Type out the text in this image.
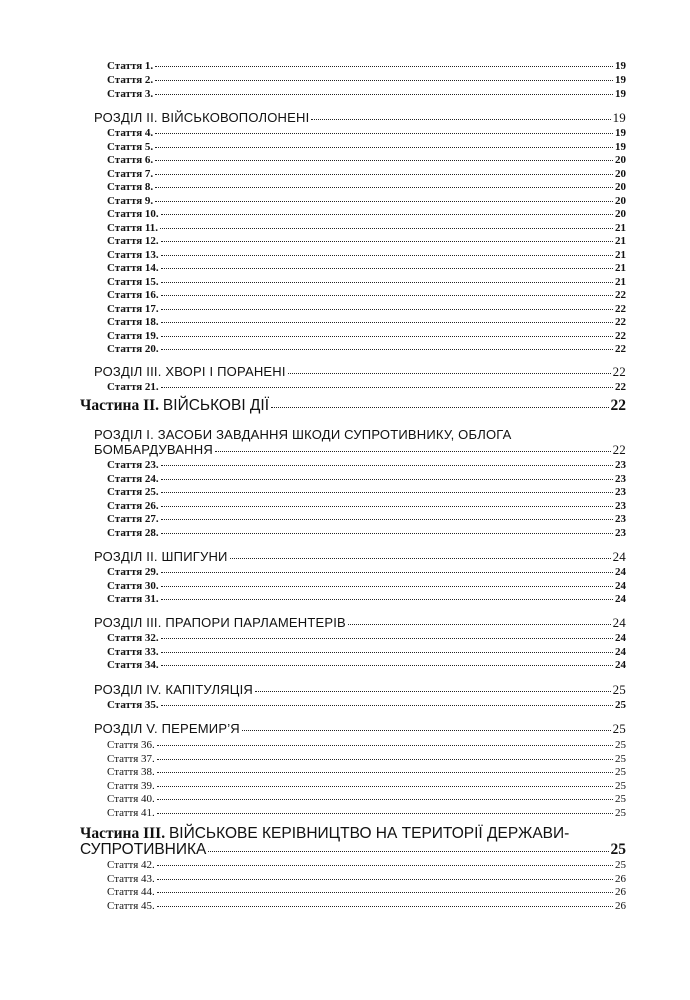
Стаття 1.	19
Стаття 2.	19
Стаття 3.	19
РОЗДІЛ II. ВІЙСЬКОВОПОЛОНЕНІ	19
Стаття 4.	19
Стаття 5.	19
Стаття 6.	20
Стаття 7.	20
Стаття 8.	20
Стаття 9.	20
Стаття 10.	20
Стаття 11.	21
Стаття 12.	21
Стаття 13.	21
Стаття 14.	21
Стаття 15.	21
Стаття 16.	22
Стаття 17.	22
Стаття 18.	22
Стаття 19.	22
Стаття 20.	22
РОЗДІЛ III. ХВОРІ І ПОРАНЕНІ	22
Стаття 21.	22
Частина II. ВІЙСЬКОВІ ДІЇ	22
РОЗДІЛ I. ЗАСОБИ ЗАВДАННЯ ШКОДИ СУПРОТИВНИКУ, ОБЛОГА
БОМБАРДУВАННЯ	22
Стаття 23.	23
Стаття 24.	23
Стаття 25.	23
Стаття 26.	23
Стаття 27.	23
Стаття 28.	23
РОЗДІЛ II. ШПИГУНИ	24
Стаття 29.	24
Стаття 30.	24
Стаття 31.	24
РОЗДІЛ III. ПРАПОРИ ПАРЛАМЕНТЕРІВ	24
Стаття 32.	24
Стаття 33.	24
Стаття 34.	24
РОЗДІЛ IV. КАПІТУЛЯЦІЯ	25
Стаття 35.	25
РОЗДІЛ V. ПЕРЕМИР’Я	25
Стаття 36.	25
Стаття 37.	25
Стаття 38.	25
Стаття 39.	25
Стаття 40.	25
Стаття 41.	25
Частина III. ВІЙСЬКОВЕ КЕРІВНИЦТВО НА ТЕРИТОРІЇ ДЕРЖАВИ-
СУПРОТИВНИКА	25
Стаття 42.	25
Стаття 43.	26
Стаття 44.	26
Стаття 45.	26
